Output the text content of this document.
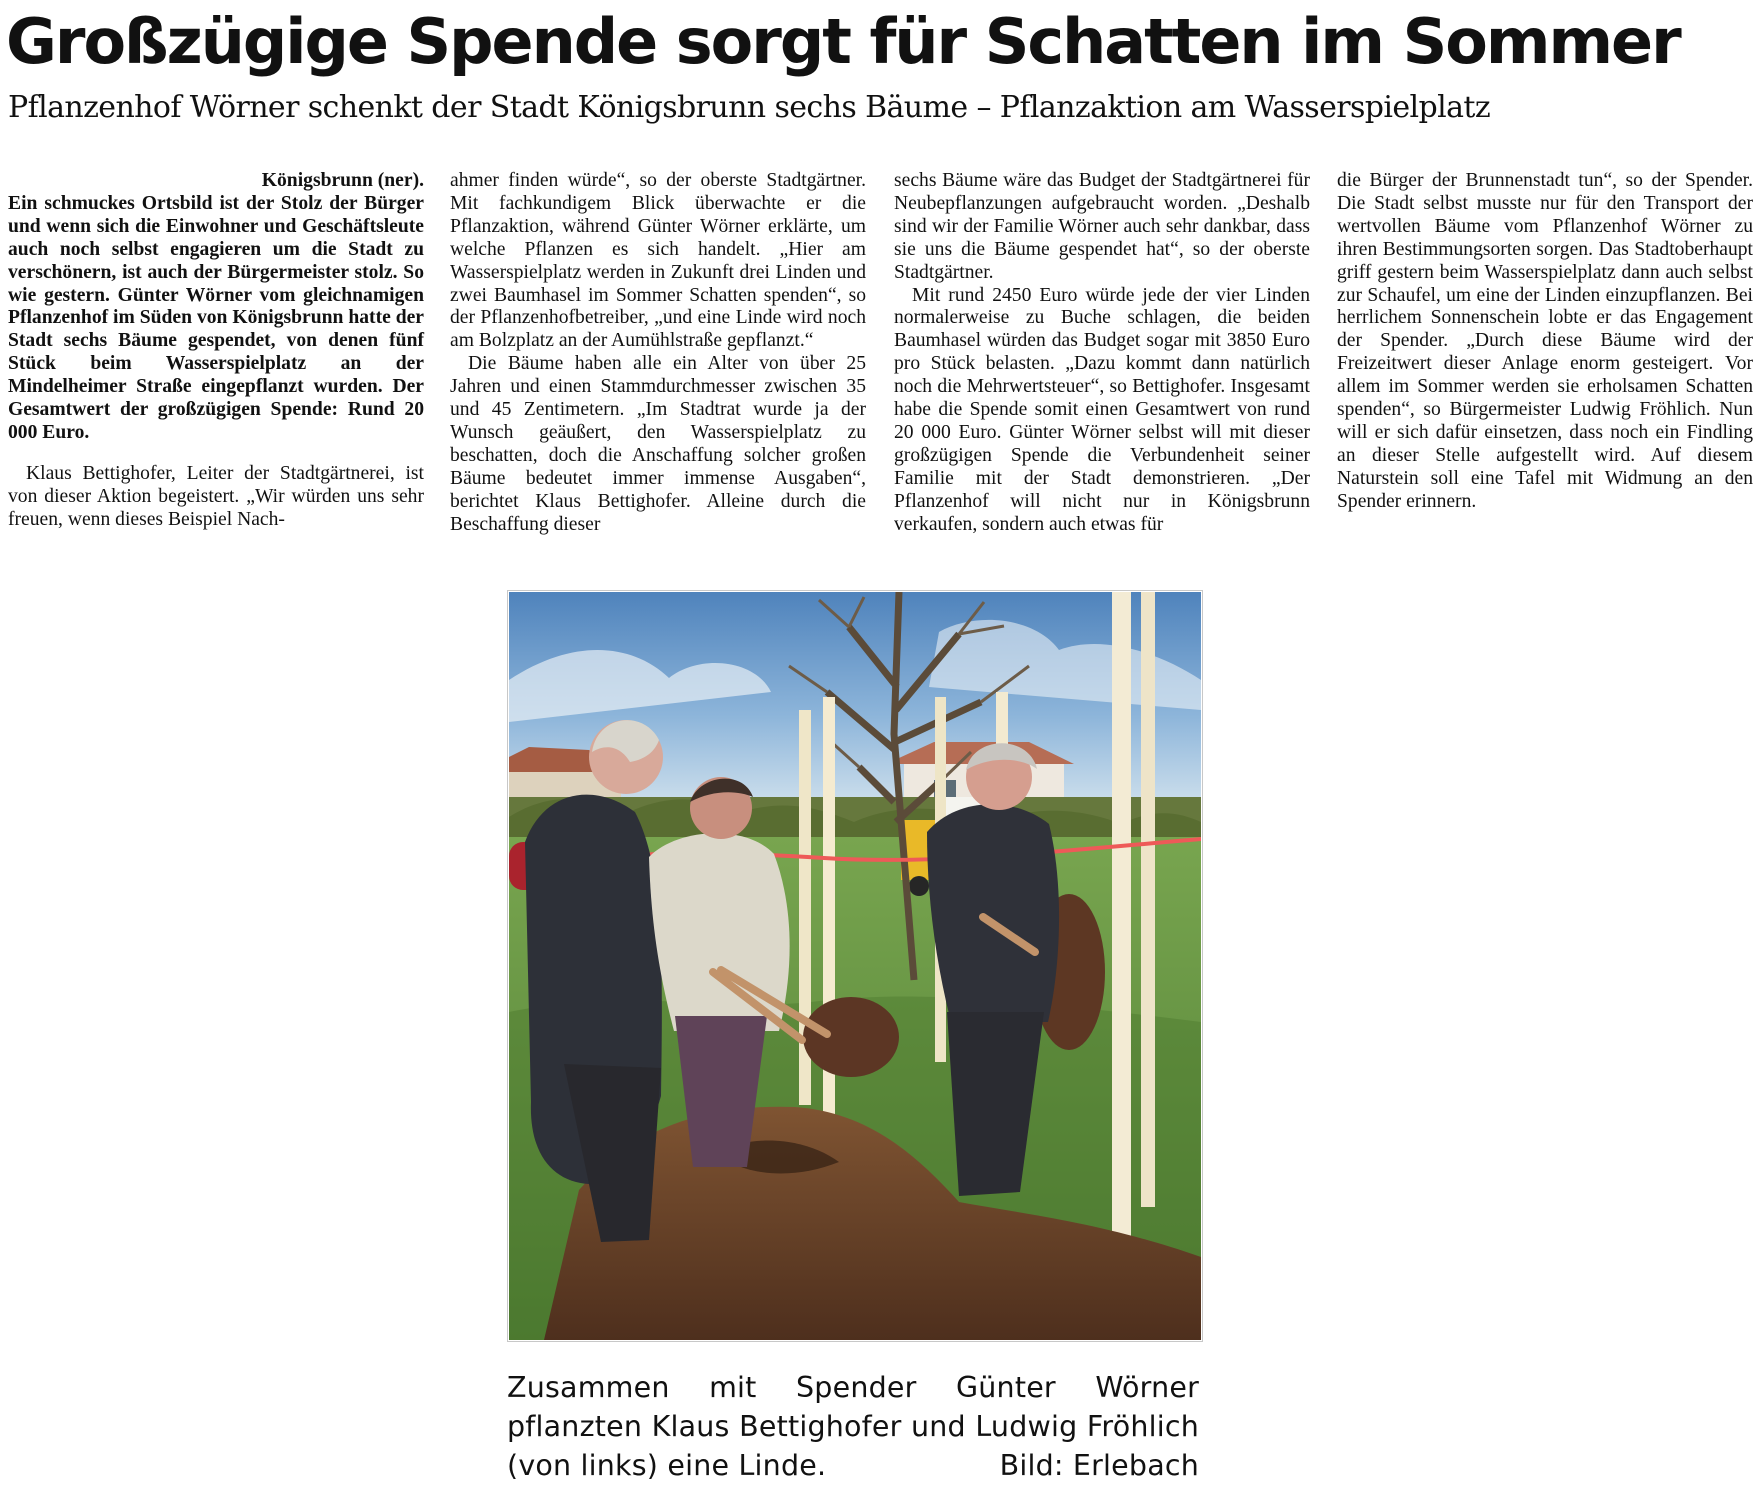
Großzügige Spende sorgt für Schatten im Sommer
Pflanzenhof Wörner schenkt der Stadt Königsbrunn sechs Bäume – Pflanzaktion am Wasserspielplatz
Königsbrunn (ner).

Ein schmuckes Ortsbild ist der Stolz der Bürger und wenn sich die Einwohner und Geschäftsleute auch noch selbst engagieren um die Stadt zu verschönern, ist auch der Bürgermeister stolz. So wie gestern. Günter Wörner vom gleichnamigen Pflanzenhof im Süden von Königsbrunn hatte der Stadt sechs Bäume gespendet, von denen fünf Stück beim Wasserspielplatz an der Mindelheimer Straße eingepflanzt wurden. Der Gesamtwert der großzügigen Spende: Rund 20 000 Euro.

Klaus Bettighofer, Leiter der Stadtgärtnerei, ist von dieser Aktion begeistert. „Wir würden uns sehr freuen, wenn dieses Beispiel Nach-

ahmer finden würde“, so der oberste Stadtgärtner. Mit fachkundigem Blick überwachte er die Pflanzaktion, während Günter Wörner erklärte, um welche Pflanzen es sich handelt. „Hier am Wasserspielplatz werden in Zukunft drei Linden und zwei Baumhasel im Sommer Schatten spenden“, so der Pflanzenhofbetreiber, „und eine Linde wird noch am Bolzplatz an der Aumühlstraße gepflanzt.“

Die Bäume haben alle ein Alter von über 25 Jahren und einen Stammdurchmesser zwischen 35 und 45 Zentimetern. „Im Stadtrat wurde ja der Wunsch geäußert, den Wasserspielplatz zu beschatten, doch die Anschaffung solcher großen Bäume bedeutet immer immense Ausgaben“, berichtet Klaus Bettighofer. Alleine durch die Beschaffung dieser

sechs Bäume wäre das Budget der Stadtgärtnerei für Neubepflanzungen aufgebraucht worden. „Deshalb sind wir der Familie Wörner auch sehr dankbar, dass sie uns die Bäume gespendet hat“, so der oberste Stadtgärtner.

Mit rund 2450 Euro würde jede der vier Linden normalerweise zu Buche schlagen, die beiden Baumhasel würden das Budget sogar mit 3850 Euro pro Stück belasten. „Dazu kommt dann natürlich noch die Mehrwertsteuer“, so Bettighofer. Insgesamt habe die Spende somit einen Gesamtwert von rund 20 000 Euro. Günter Wörner selbst will mit dieser großzügigen Spende die Verbundenheit seiner Familie mit der Stadt demonstrieren. „Der Pflanzenhof will nicht nur in Königsbrunn verkaufen, sondern auch etwas für

die Bürger der Brunnenstadt tun“, so der Spender. Die Stadt selbst musste nur für den Transport der wertvollen Bäume vom Pflanzenhof Wörner zu ihren Bestimmungsorten sorgen. Das Stadtoberhaupt griff gestern beim Wasserspielplatz dann auch selbst zur Schaufel, um eine der Linden einzupflanzen. Bei herrlichem Sonnenschein lobte er das Engagement der Spender. „Durch diese Bäume wird der Freizeitwert dieser Anlage enorm gesteigert. Vor allem im Sommer werden sie erholsamen Schatten spenden“, so Bürgermeister Ludwig Fröhlich. Nun will er sich dafür einsetzen, dass noch ein Findling an dieser Stelle aufgestellt wird. Auf diesem Naturstein soll eine Tafel mit Widmung an den Spender erinnern.

Zusammen mit Spender Günter Wörner pflanzten Klaus Bettighofer und Ludwig Fröhlich (von links) eine Linde.	Bild: Erlebach
